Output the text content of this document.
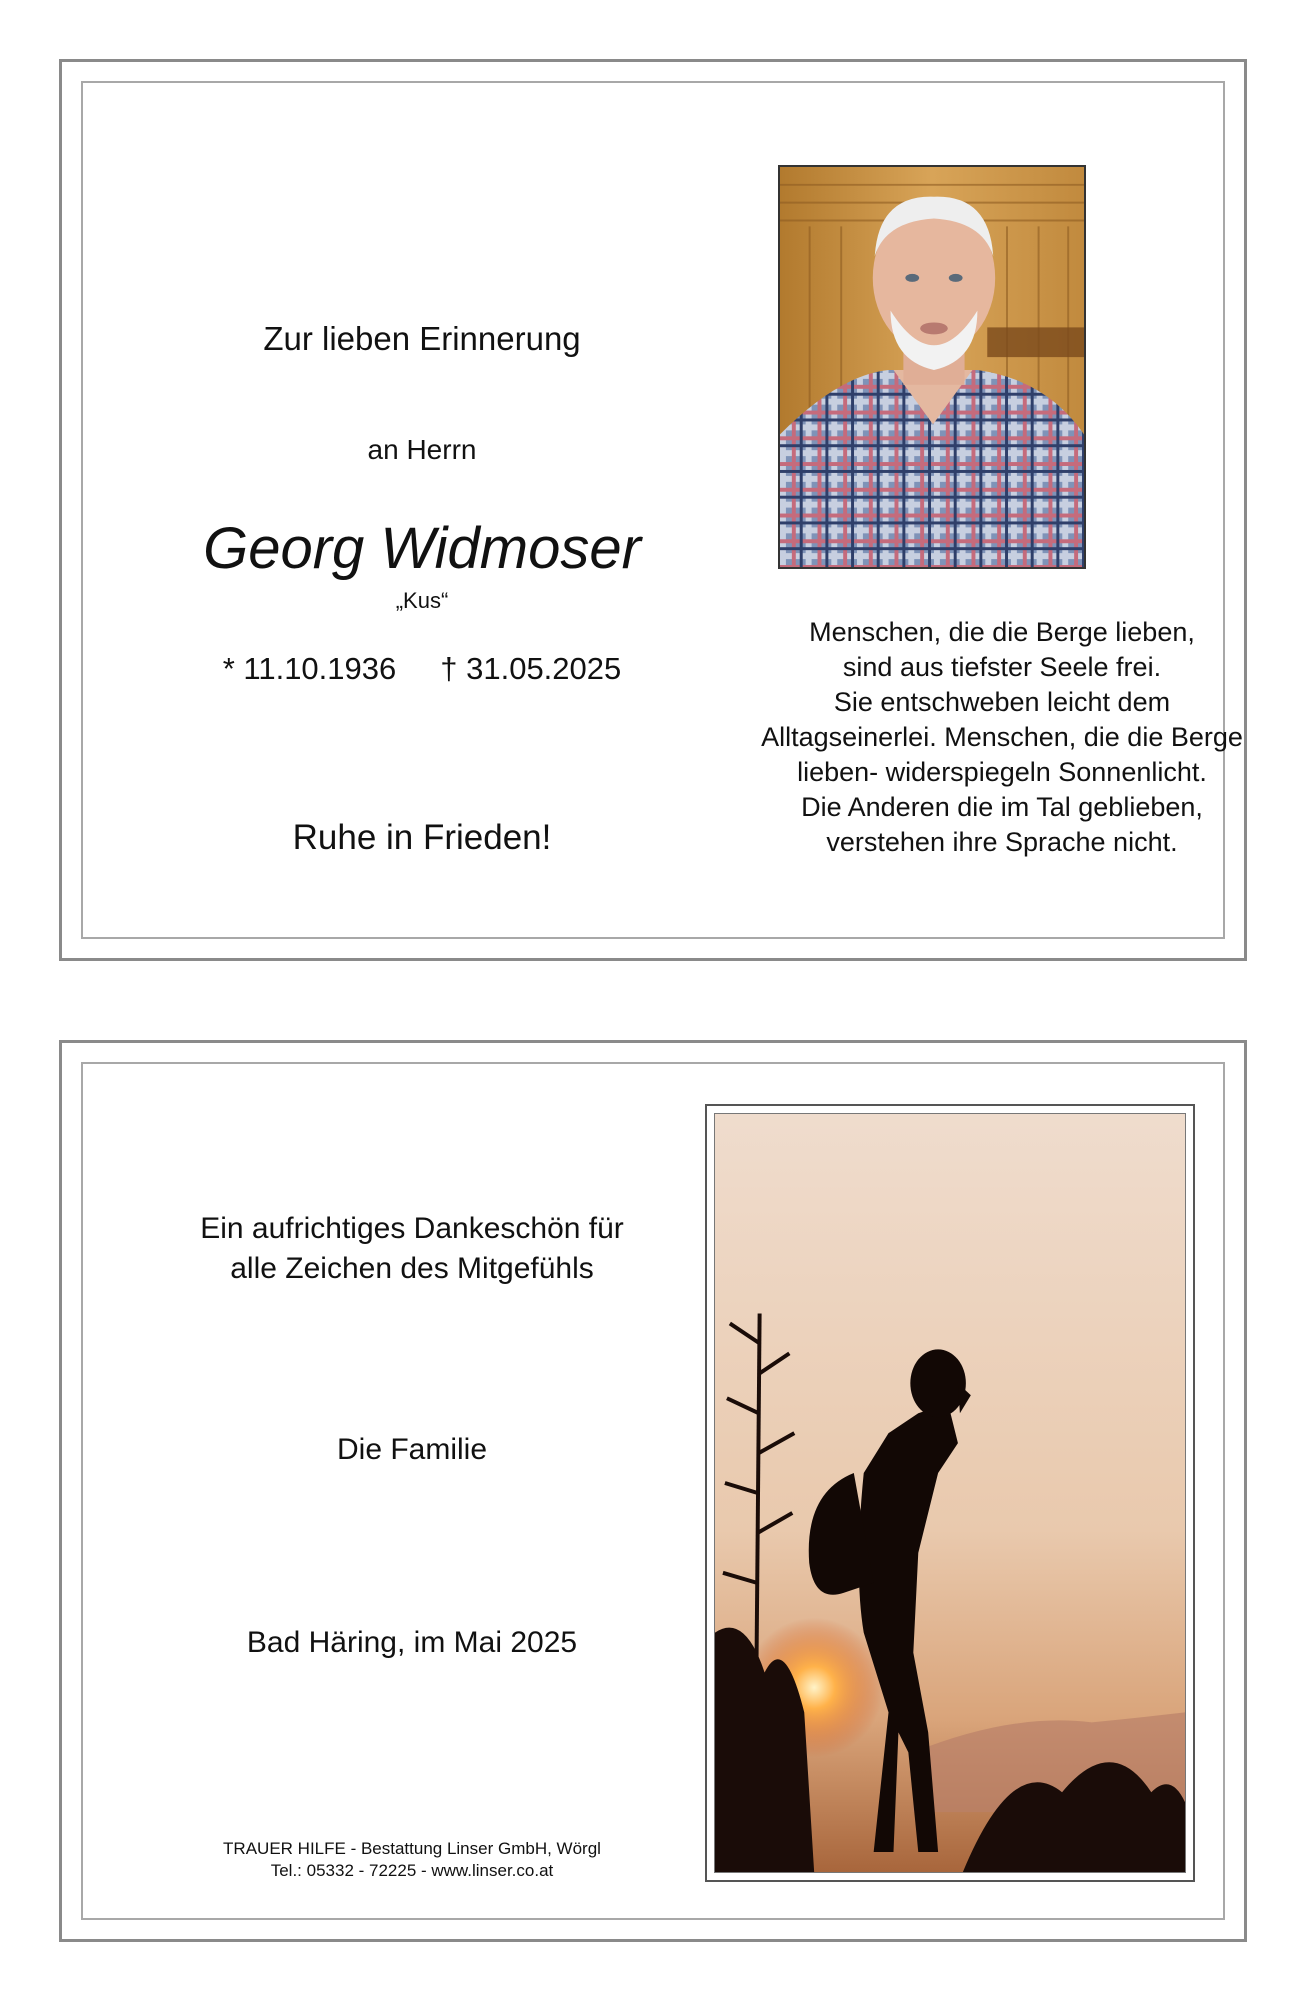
Zur lieben Erinnerung
an Herrn
Georg Widmoser
„Kus“
* 11.10.1936 † 31.05.2025
Ruhe in Frieden!
Menschen, die die Berge lieben,
sind aus tiefster Seele frei.
Sie entschweben leicht dem
Alltagseinerlei. Menschen, die die Berge
lieben- widerspiegeln Sonnenlicht.
Die Anderen die im Tal geblieben,
verstehen ihre Sprache nicht.
Ein aufrichtiges Dankeschön für
alle Zeichen des Mitgefühls
Die Familie
Bad Häring, im Mai 2025
TRAUER HILFE - Bestattung Linser GmbH, Wörgl
Tel.: 05332 - 72225 - www.linser.co.at
